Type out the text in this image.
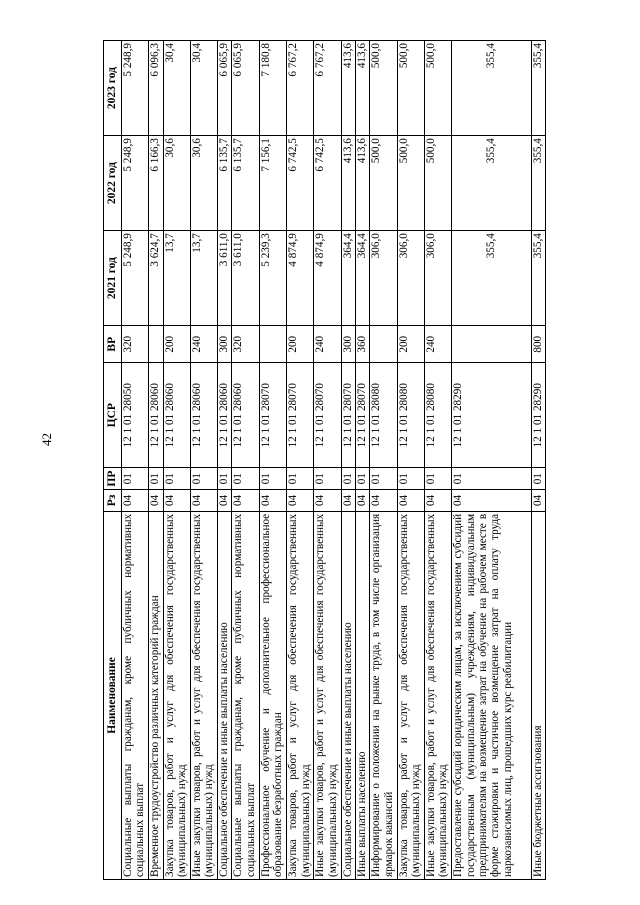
42
Наименование	Рз	ПР	ЦСР	ВР	2021 год	2022 год	2023 год
Социальные выплаты гражданам, кроме публичных нормативных социальных выплат	04	01	12 1 01 28050	320	5 248,9	5 248,9	5 248,9
Временное трудоустройство различных категорий граждан	04	01	12 1 01 28060		3 624,7	6 166,3	6 096,3
Закупка товаров, работ и услуг для обеспечения государственных (муниципальных) нужд	04	01	12 1 01 28060	200	13,7	30,6	30,4
Иные закупки товаров, работ и услуг для обеспечения государственных (муниципальных) нужд	04	01	12 1 01 28060	240	13,7	30,6	30,4
Социальное обеспечение и иные выплаты населению	04	01	12 1 01 28060	300	3 611,0	6 135,7	6 065,9
Социальные выплаты гражданам, кроме публичных нормативных социальных выплат	04	01	12 1 01 28060	320	3 611,0	6 135,7	6 065,9
Профессиональное обучение и дополнительное профессиональное образование безработных граждан	04	01	12 1 01 28070		5 239,3	7 156,1	7 180,8
Закупка товаров, работ и услуг для обеспечения государственных (муниципальных) нужд	04	01	12 1 01 28070	200	4 874,9	6 742,5	6 767,2
Иные закупки товаров, работ и услуг для обеспечения государственных (муниципальных) нужд	04	01	12 1 01 28070	240	4 874,9	6 742,5	6 767,2
Социальное обеспечение и иные выплаты населению	04	01	12 1 01 28070	300	364,4	413,6	413,6
Иные выплаты населению	04	01	12 1 01 28070	360	364,4	413,6	413,6
Информирование о положении на рынке труда, в том числе организация ярмарок вакансий	04	01	12 1 01 28080		306,0	500,0	500,0
Закупка товаров, работ и услуг для обеспечения государственных (муниципальных) нужд	04	01	12 1 01 28080	200	306,0	500,0	500,0
Иные закупки товаров, работ и услуг для обеспечения государственных (муниципальных) нужд	04	01	12 1 01 28080	240	306,0	500,0	500,0
Предоставление субсидий юридическим лицам, за исключением субсидий государственным (муниципальным) учреждениям, индивидуальным предпринимателям на возмещение затрат на обучение на рабочем месте в форме стажировки и частичное возмещение затрат на оплату труда наркозависимых лиц, прошедших курс реабилитации	04	01	12 1 01 28290		355,4	355,4	355,4
Иные бюджетные ассигнования	04	01	12 1 01 28290	800	355,4	355,4	355,4
